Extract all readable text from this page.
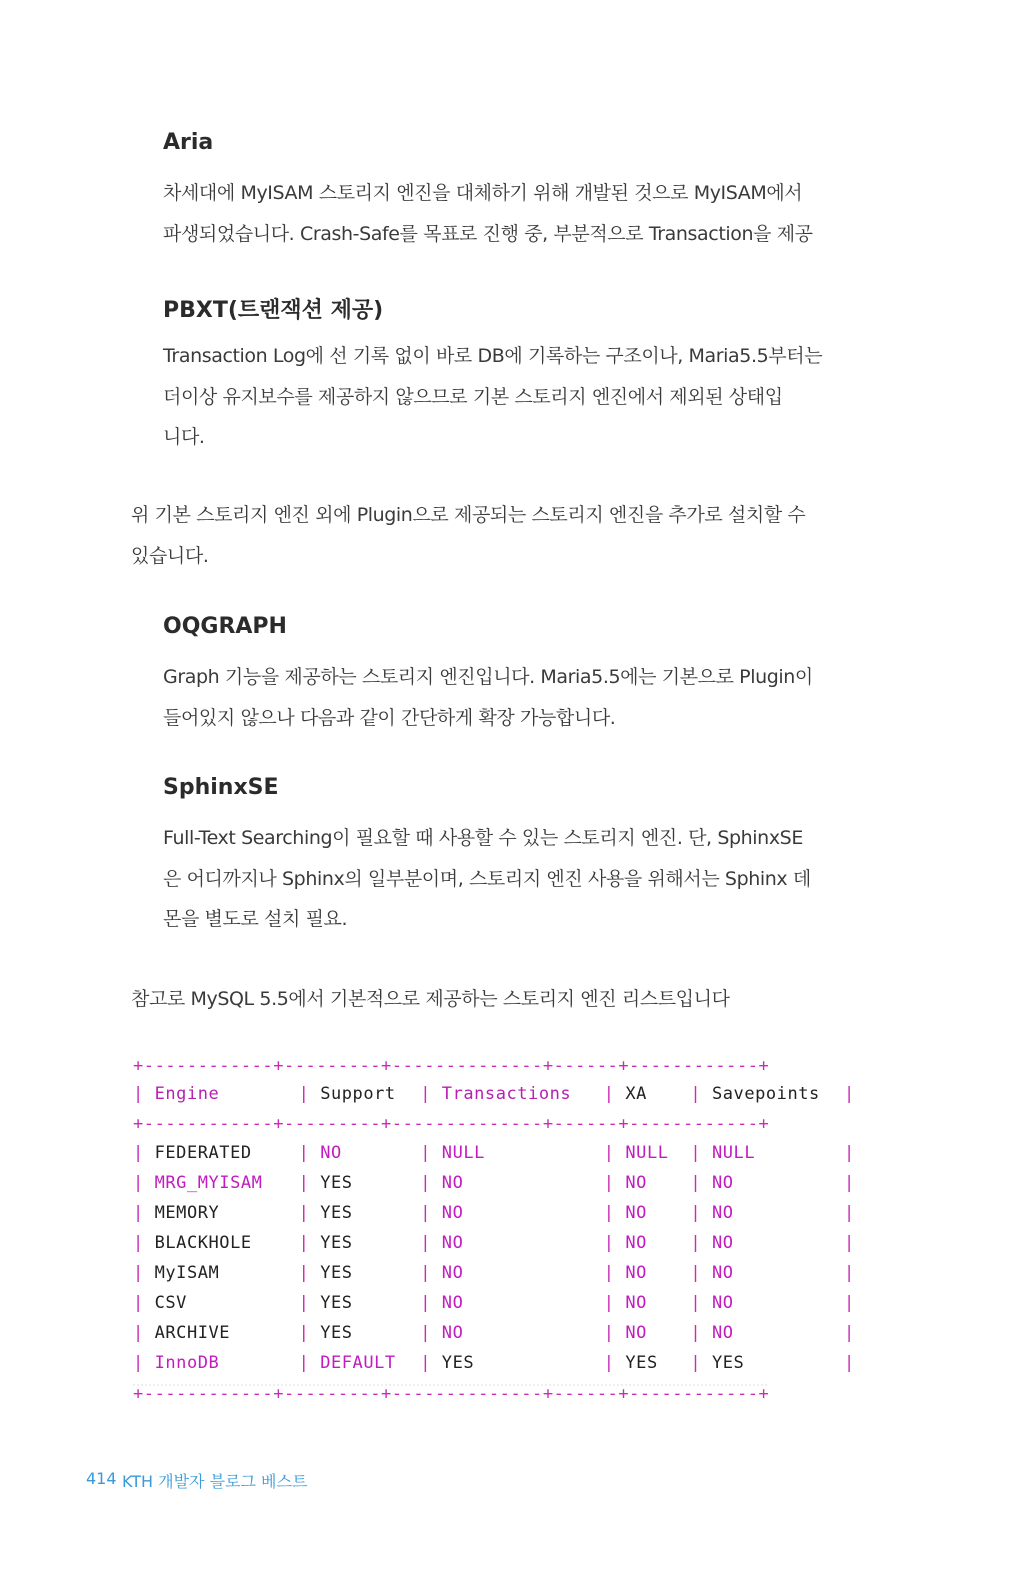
Aria
차세대에 MyISAM 스토리지 엔진을 대체하기 위해 개발된 것으로 MyISAM에서
파생되었습니다. Crash-Safe를 목표로 진행 중, 부분적으로 Transaction을 제공
PBXT(트랜잭션 제공)
Transaction Log에 선 기록 없이 바로 DB에 기록하는 구조이나, Maria5.5부터는
더이상 유지보수를 제공하지 않으므로 기본 스토리지 엔진에서 제외된 상태입
니다.
위 기본 스토리지 엔진 외에 Plugin으로 제공되는 스토리지 엔진을 추가로 설치할 수
있습니다.
OQGRAPH
Graph 기능을 제공하는 스토리지 엔진입니다. Maria5.5에는 기본으로 Plugin이
들어있지 않으나 다음과 같이 간단하게 확장 가능합니다.
SphinxSE
Full-Text Searching이 필요할 때 사용할 수 있는 스토리지 엔진. 단, SphinxSE
은 어디까지나 Sphinx의 일부분이며, 스토리지 엔진 사용을 위해서는 Sphinx 데
몬을 별도로 설치 필요.
참고로 MySQL 5.5에서 기본적으로 제공하는 스토리지 엔진 리스트입니다
+------------+---------+--------------+------+------------+
| Engine	| Support | Transactions | XA	| Savepoints |
+------------+---------+--------------+------+------------+
| FEDERATED	| NO	| NULL	| NULL | NULL	|
| MRG_MYISAM | YES	| NO	| NO	| NO	|
| MEMORY	| YES	| NO	| NO	| NO	|
| BLACKHOLE	| YES	| NO	| NO	| NO	|
| MyISAM	| YES	| NO	| NO	| NO	|
| CSV	| YES	| NO	| NO	| NO	|
| ARCHIVE	| YES	| NO	| NO	| NO	|
| InnoDB	| DEFAULT | YES	| YES | YES	|
+------------+---------+--------------+------+------------+
414 KTH 개발자 블로그 베스트
